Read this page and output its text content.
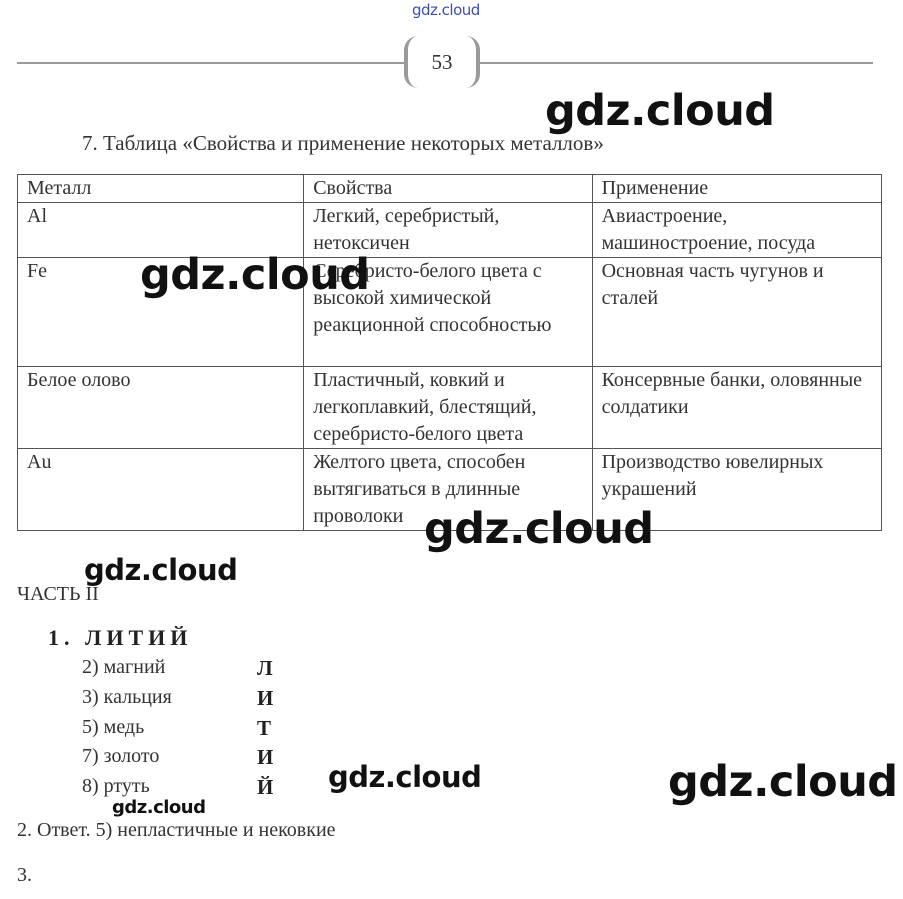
gdz.cloud
53
gdz.cloud
7. Таблица «Свойства и применение некоторых металлов»
Металл	Свойства	Применение
Al	Легкий, серебристый, нетоксичен	Авиастроение, машиностроение, посуда
Fe	Серебристо-белого цвета с высокой химической реакционной способностью	Основная часть чугунов и сталей
Белое олово	Пластичный, ковкий и легкоплавкий, блестящий, серебристо-белого цвета	Консервные банки, оловянные солдатики
Au	Желтого цвета, способен вытягиваться в длинные проволоки	Производство ювелирных украшений
gdz.cloud
gdz.cloud
gdz.cloud
ЧАСТЬ II
1. ЛИТИЙ
2) магний	Л
3) кальция	И
5) медь	Т
7) золото	И
8) ртуть	Й gdz.cloud	gdz.cloud
gdz.cloud
2. Ответ. 5) непластичные и нековкие
3.
